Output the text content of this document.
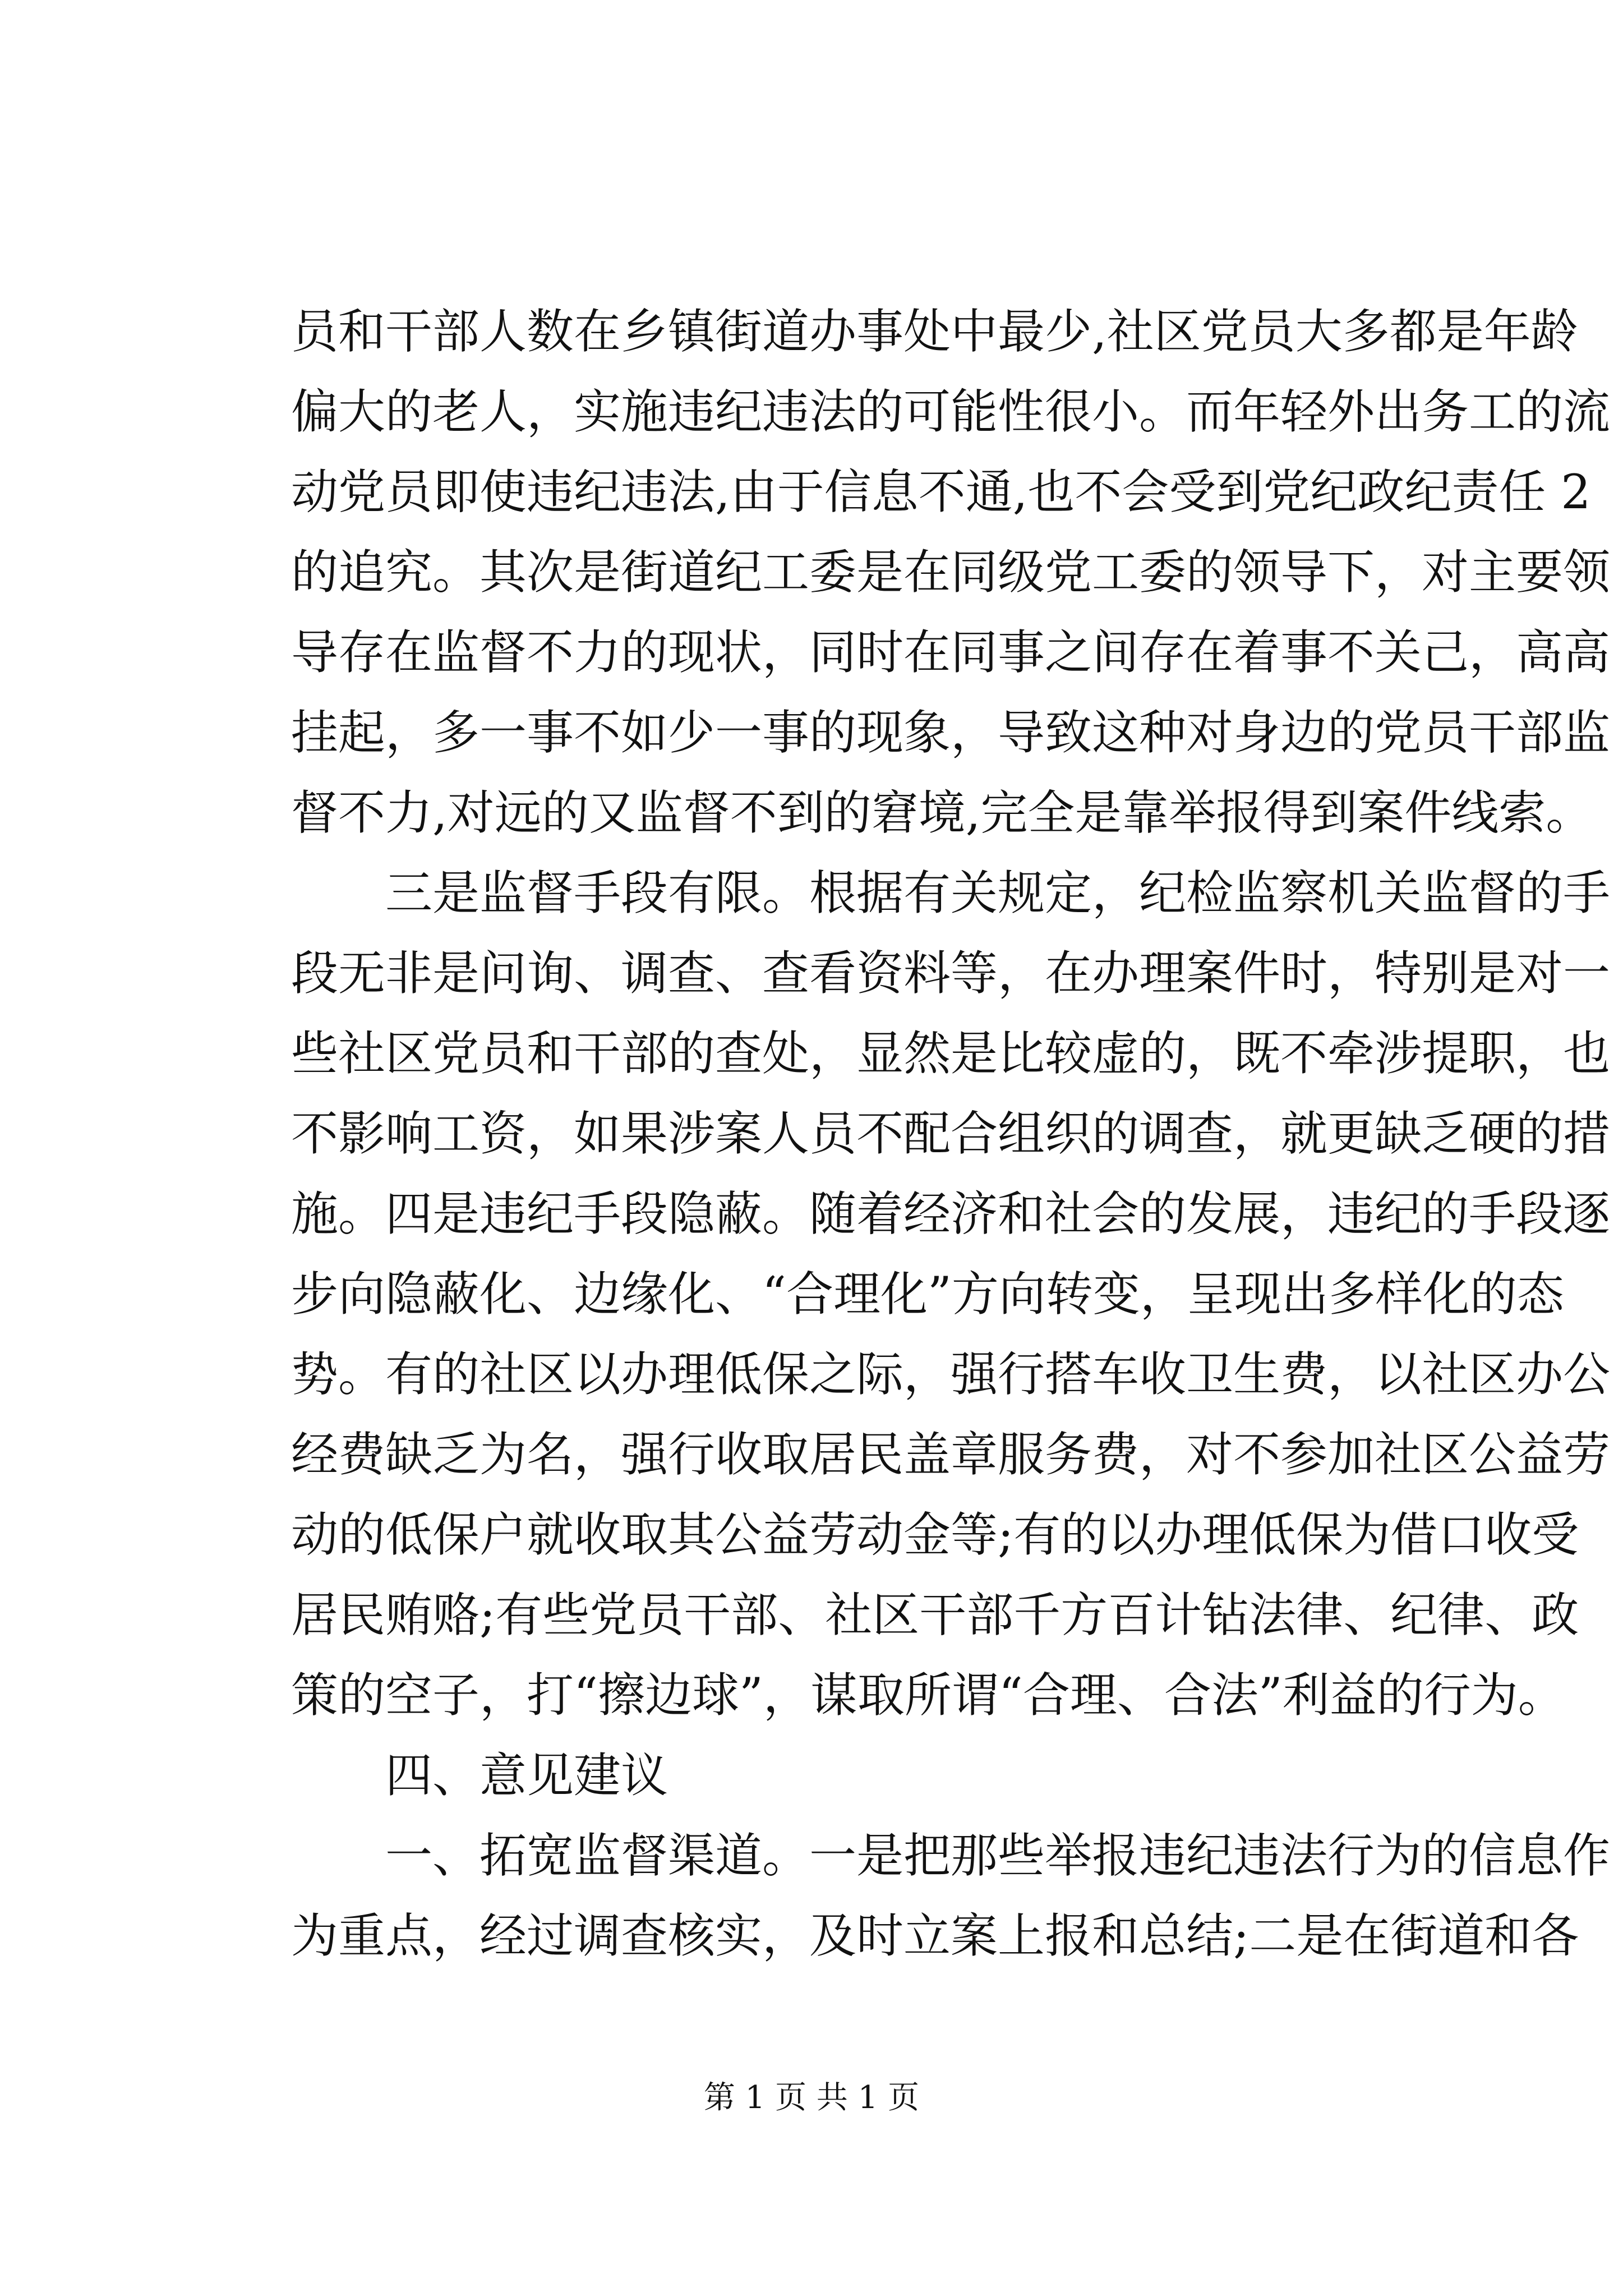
员和干部人数在乡镇街道办事处中最少,社区党员大多都是年龄
偏大的老人，实施违纪违法的可能性很小。而年轻外出务工的流
动党员即使违纪违法,由于信息不通,也不会受到党纪政纪责任 2
的追究。其次是街道纪工委是在同级党工委的领导下，对主要领
导存在监督不力的现状，同时在同事之间存在着事不关己，高高
挂起，多一事不如少一事的现象，导致这种对身边的党员干部监
督不力,对远的又监督不到的窘境,完全是靠举报得到案件线索。
　　三是监督手段有限。根据有关规定，纪检监察机关监督的手
段无非是问询、调查、查看资料等，在办理案件时，特别是对一
些社区党员和干部的查处，显然是比较虚的，既不牵涉提职，也
不影响工资，如果涉案人员不配合组织的调查，就更缺乏硬的措
施。四是违纪手段隐蔽。随着经济和社会的发展，违纪的手段逐
步向隐蔽化、边缘化、“合理化”方向转变，呈现出多样化的态
势。有的社区以办理低保之际，强行搭车收卫生费，以社区办公
经费缺乏为名，强行收取居民盖章服务费，对不参加社区公益劳
动的低保户就收取其公益劳动金等;有的以办理低保为借口收受
居民贿赂;有些党员干部、社区干部千方百计钻法律、纪律、政
策的空子，打“擦边球”，谋取所谓“合理、合法”利益的行为。
　　四、意见建议
　　一、拓宽监督渠道。一是把那些举报违纪违法行为的信息作
为重点，经过调查核实，及时立案上报和总结;二是在街道和各
第 1 页 共 1 页
